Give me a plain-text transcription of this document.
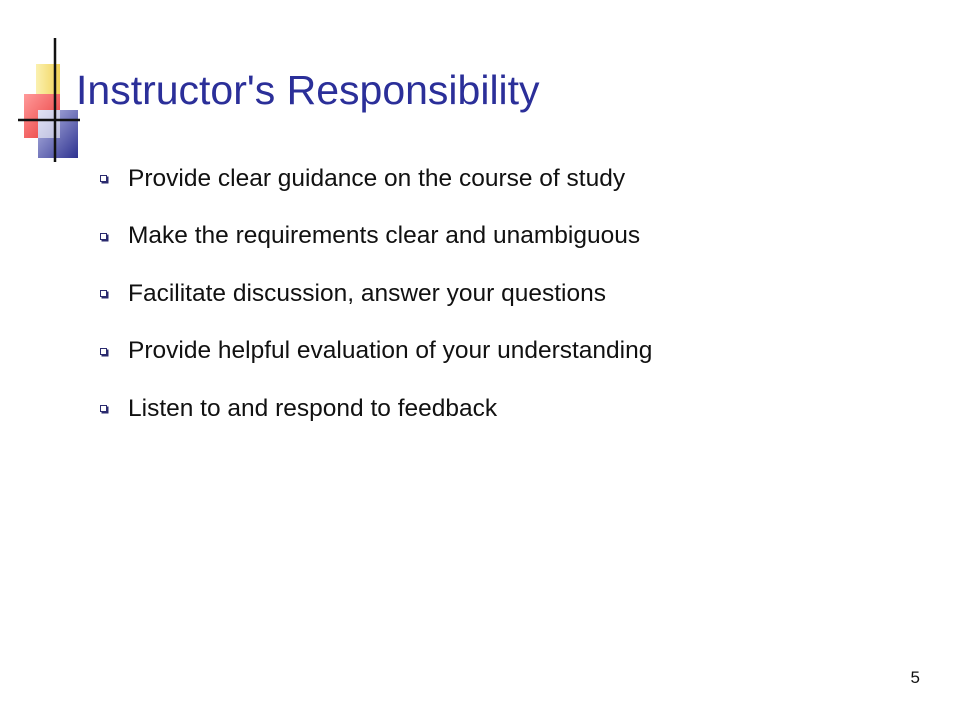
Instructor's Responsibility
Provide clear guidance on the course of study
Make the requirements clear and unambiguous
Facilitate discussion, answer your questions
Provide helpful evaluation of your understanding
Listen to and respond to feedback
5
